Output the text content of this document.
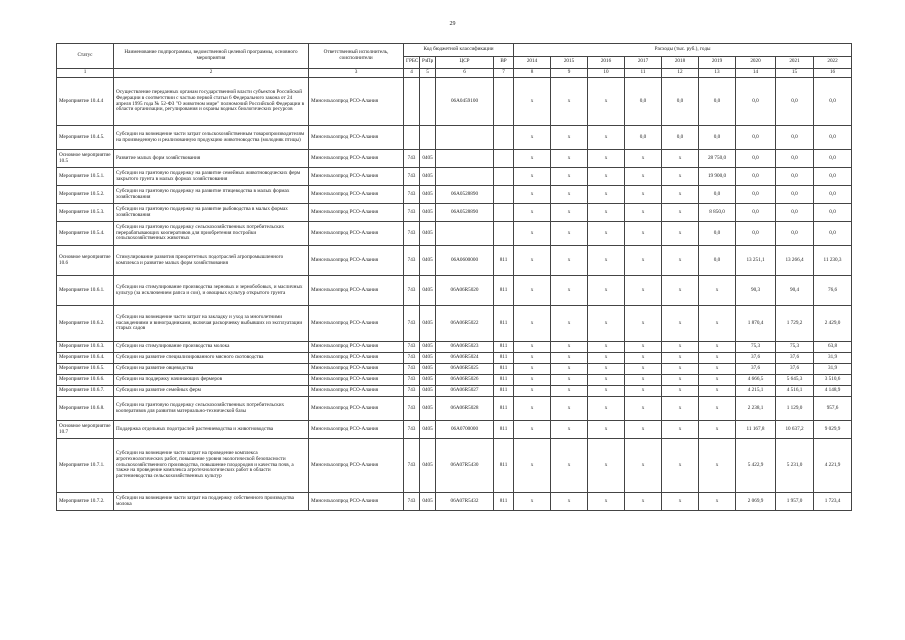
29
Статус	Наименование подпрограммы, ведомственной целевой программы, основного мероприятия	Ответственный исполнитель, соисполнители	Код бюджетной классификации				Расходы (тыс. руб.), годы								
			ГРБС	РзПр	ЦСР	ВР	2014	2015	2016	2017	2018	2019	2020	2021	2022
1	2	3	4	5	6	7	8	9	10	11	12	13	14	15	16
Мероприятие 10.4.4	Осуществление переданных органам государственной власти субъектов Российской Федерации в соответствии с частью первой статьи 6 Федерального закона от 24 апреля 1995 года № 52-ФЗ "О животном мире" полномочий Российской Федерации в области организации, регулирования и охраны водных биологических ресурсов	Минсельхозпрод РСО-Алания			06А0459100		x	x	x	0,0	0,0	0,0	0,0	0,0	0,0
Мероприятие 10.4.5.	Субсидии на возмещение части затрат сельскохозяйственным товаропроизводителям на произведенную и реализованную продукцию животноводства (молодняк птицы)	Минсельхозпрод РСО-Алания					x	x	x	0,0	0,0	0,0	0,0	0,0	0,0
Основное мероприятие 10.5	Развитие малых форм хозяйствования	Минсельхозпрод РСО-Алания	743	0405			x	x	x	x	x	28 750,0	0,0	0,0	0,0
Мероприятие 10.5.1.	Субсидии на грантовую поддержку на развитие семейных животноводческих ферм закрытого грунта в малых формах хозяйствования	Минсельхозпрод РСО-Алания	743	0405			x	x	x	x	x	19 900,0	0,0	0,0	0,0
Мероприятие 10.5.2.	Субсидии на грантовую поддержку на развитие птицеводства в малых формах хозяйствования	Минсельхозпрод РСО-Алания	743	0405	06А0528890		x	x	x	x	x	0,0	0,0	0,0	0,0
Мероприятие 10.5.3.	Субсидии на грантовую поддержку на развитие рыбоводства в малых формах хозяйствования	Минсельхозпрод РСО-Алания	743	0405	06А0528890		x	x	x	x	x	8 850,0	0,0	0,0	0,0
Мероприятие 10.5.4.	Субсидии на грантовую поддержку сельскохозяйственных потребительских перерабатывающих кооперативов для приобретения постройки сельскохозяйственных животных	Минсельхозпрод РСО-Алания	743	0405			x	x	x	x	x	0,0	0,0	0,0	0,0
Основное мероприятие 10.6	Стимулирование развития приоритетных подотраслей агропромышленного комплекса и развитие малых форм хозяйствования	Минсельхозпрод РСО-Алания	743	0405	06А0600000	811	x	x	x	x	x	0,0	13 251,1	13 266,4	11 230,3
Мероприятие 10.6.1.	Субсидии на стимулирование производства зерновых и зернобобовых, и масличных культур (за исключением рапса и сои), и овощных культур открытого грунта	Минсельхозпрод РСО-Алания	743	0405	06А06R5020	811	x	x	x	x	x	x	90,3	90,4	76,6
Мероприятие 10.6.2.	Субсидии на возмещение части затрат на закладку и уход за многолетними насаждениями и виноградниками, включая раскорчевку выбывших из эксплуатации старых садов	Минсельхозпрод РСО-Алания	743	0405	06А06R5022	811	x	x	x	x	x	x	1 870,4	1 729,2	2 429,0
Мероприятие 10.6.3.	Субсидии на стимулирование производства молока	Минсельхозпрод РСО-Алания	743	0405	06А06R5023	811	x	x	x	x	x	x	75,3	75,3	63,8
Мероприятие 10.6.4.	Субсидии на развитие специализированного мясного скотоводства	Минсельхозпрод РСО-Алания	743	0405	06А06R5024	811	x	x	x	x	x	x	37,6	37,6	31,9
Мероприятие 10.6.5.	Субсидии на развитие овцеводства	Минсельхозпрод РСО-Алания	743	0405	06А06R5025	811	x	x	x	x	x	x	37,6	37,6	31,9
Мероприятие 10.6.6.	Субсидии на поддержку начинающих фермеров	Минсельхозпрод РСО-Алания	743	0405	06А06R5026	811	x	x	x	x	x	x	4 666,5	5 645,3	3 510,6
Мероприятие 10.6.7.	Субсидии на развитие семейных ферм	Минсельхозпрод РСО-Алания	743	0405	06А06R5027	811	x	x	x	x	x	x	4 215,1	4 516,1	4 148,9
Мероприятие 10.6.8.	Субсидии на грантовую поддержку сельскохозяйственных потребительских кооперативов для развития материально-технической базы	Минсельхозпрод РСО-Алания	743	0405	06А06R5028	811	x	x	x	x	x	x	2 238,1	1 129,0	957,6
Основное мероприятие 10.7	Поддержка отдельных подотраслей растениеводства и животноводства	Минсельхозпрод РСО-Алания	743	0405	06А0700000	811	x	x	x	x	x	x	11 167,8	10 637,2	9 029,9
Мероприятие 10.7.1.	Субсидии на возмещение части затрат на проведение комплекса агротехнологических работ, повышение уровня экологической безопасности сельскохозяйственного производства, повышение плодородия и качества почв, а также на проведение комплекса агротехнологических работ в области растениеводства сельскохозяйственных культур	Минсельхозпрод РСО-Алания	743	0405	06А07R5430	811	x	x	x	x	x	x	5 422,9	5 231,0	4 221,9
Мероприятие 10.7.2.	Субсидии на возмещение части затрат на поддержку собственного производства молока	Минсельхозпрод РСО-Алания	743	0405	06А07R5432	811	x	x	x	x	x	x	2 069,9	1 957,0	1 723,4
